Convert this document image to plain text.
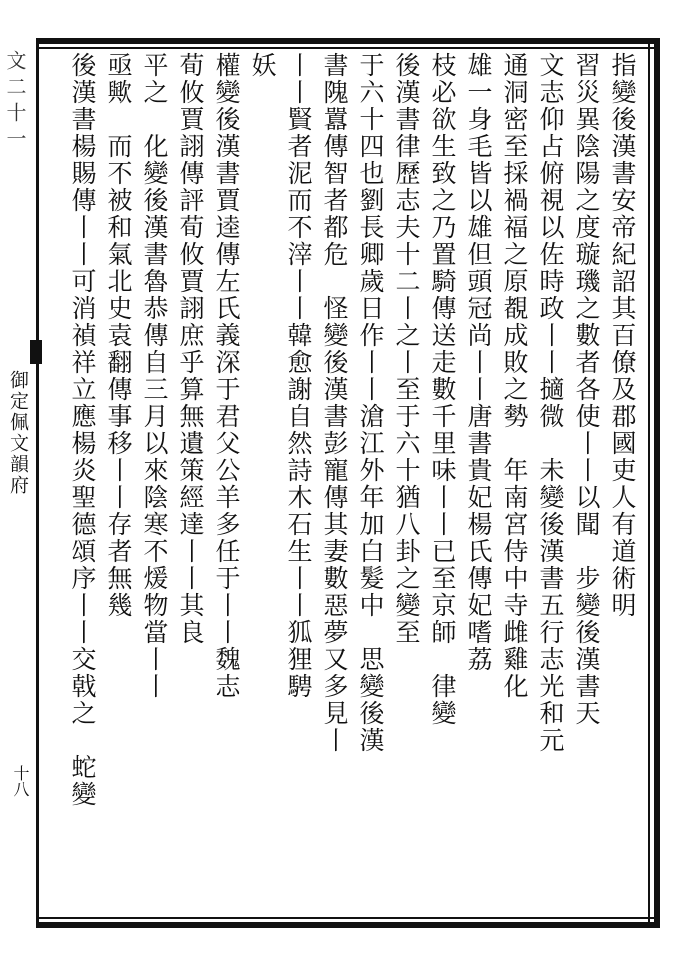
文二十一
御定佩文韻府
十八
指變後漢書安帝紀詔其百僚及郡國吏人有道術明
習災異陰陽之度璇璣之數者各使丨丨以聞　步變後漢書天
文志仰占俯視以佐時政丨丨擿微　未變後漢書五行志光和元
通洞密至採禍福之原覩成敗之勢　年南宮侍中寺雌雞化
雄一身毛皆以雄但頭冠尚丨丨唐書貴妃楊氏傳妃嗜荔
枝必欲生致之乃置騎傳送走數千里味丨丨已至京師　律變
後漢書律歷志夫十二丨之丨至于六十猶八卦之變至
于六十四也劉長卿歲日作丨丨滄江外年加白髮中　思變後漢
書隗囂傳智者都危　怪變後漢書彭寵傳其妻數惡夢又多見丨
丨丨賢者泥而不滓丨丨韓愈謝自然詩木石生丨丨狐狸騁
妖
權變後漢書賈逵傳左氏義深于君父公羊多任于丨丨魏志
荀攸賈詡傳評荀攸賈詡庶乎算無遺策經達丨丨其良
平之　化變後漢書魯恭傳自三月以來陰寒不煖物當丨丨
亟歟　而不被和氣北史袁翻傳事移丨丨存者無幾
後漢書楊賜傳丨丨可消禎祥立應楊炎聖德頌序丨丨交戟之　蛇變
